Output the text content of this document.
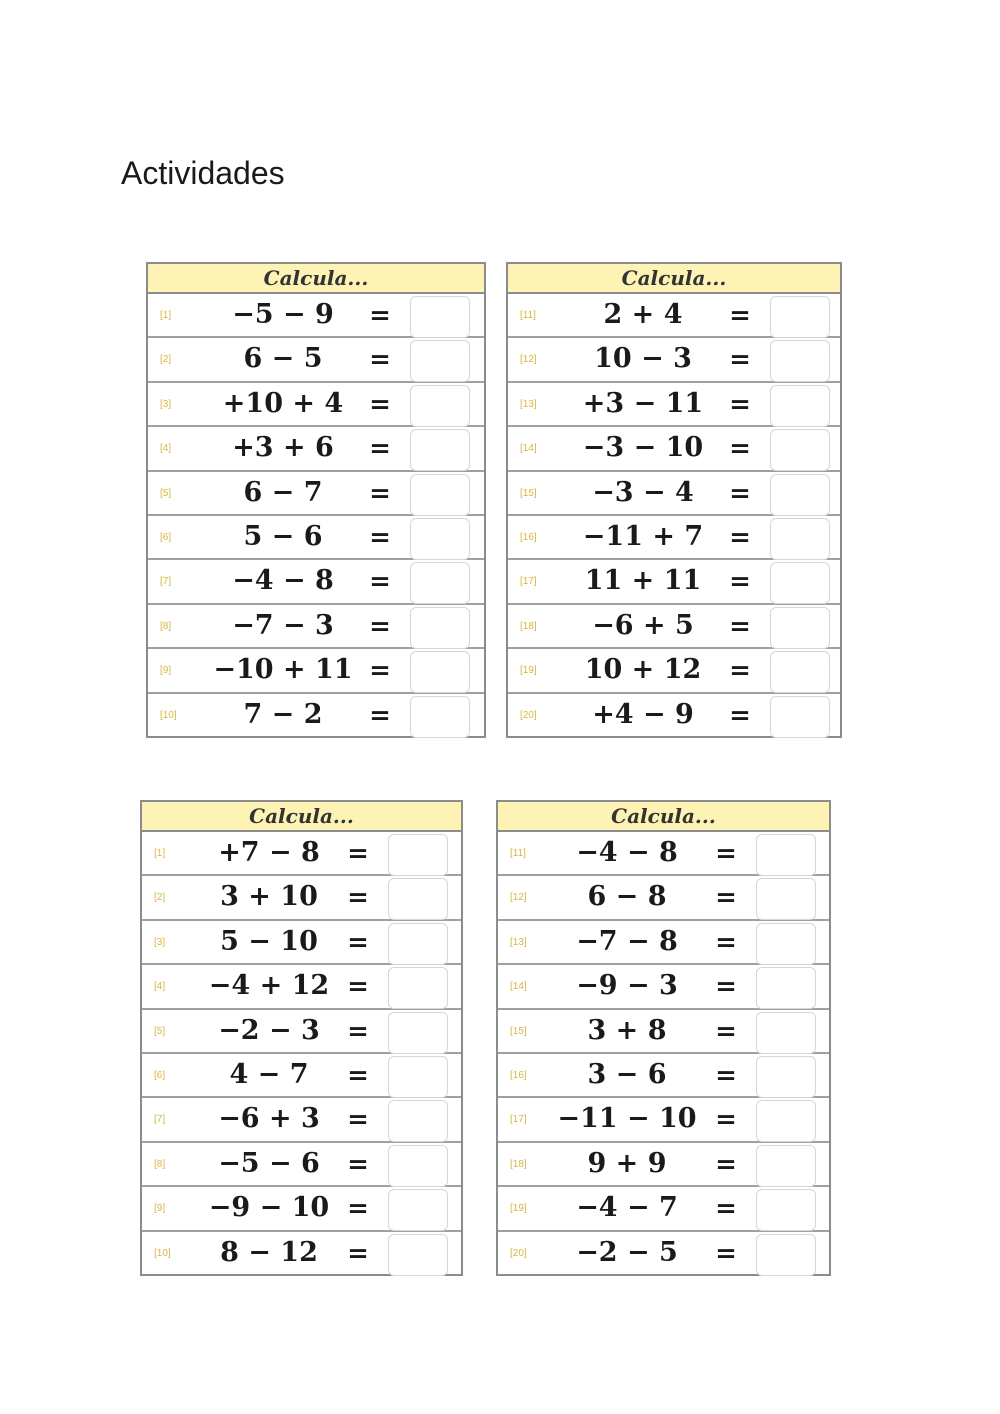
Actividades
Calcula...
[1]	−5 − 9	=
[2]	6 − 5	=
[3]	+10 + 4 =
[4]	+3 + 6	=
[5]	6 − 7	=
[6]	5 − 6	=
[7]	−4 − 8	=
[8]	−7 − 3	=
[9] −10 + 11 =
[10]	7 − 2	=
Calcula...
[11]	2 + 4	=
[12]	10 − 3	=
[13]	+3 − 11 =
[14]	−3 − 10 =
[15]	−3 − 4	=
[16]	−11 + 7 =
[17]	11 + 11	=
[18]	−6 + 5	=
[19]	10 + 12	=
[20]	+4 − 9	=
Calcula...
[1]	+7 − 8	=
[2]	3 + 10	=
[3]	5 − 10	=
[4]	−4 + 12 =
[5]	−2 − 3	=
[6]	4 − 7	=
[7]	−6 + 3	=
[8]	−5 − 6	=
[9]	−9 − 10 =
[10]	8 − 12	=
Calcula...
[11]	−4 − 8	=
[12]	6 − 8	=
[13]	−7 − 8	=
[14]	−9 − 3	=
[15]	3 + 8	=
[16]	3 − 6	=
[17] −11 − 10 =
[18]	9 + 9	=
[19]	−4 − 7	=
[20]	−2 − 5	=
